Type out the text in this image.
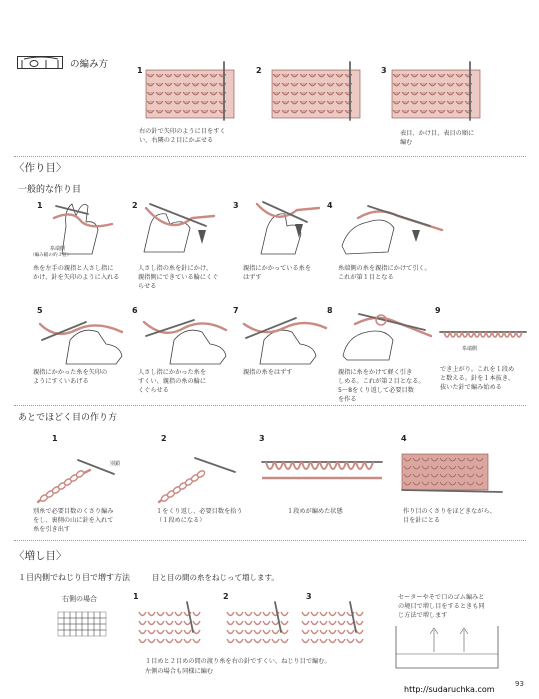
の編み方
1	2	3
右の針で矢印のように目をすく
い、右隣の２目にかぶせる
表目、かけ目、表目の順に
編む
〈作り目〉
一般的な作り目
1	2	3	4
糸端側
（編み幅の約３倍）
糸を左手の親指と人さし指に
かけ、針を矢印のように入れる
人さし指の糸を針にかけ、
親指側にできている輪にくぐ
らせる
親指にかかっている糸を
はずす
糸端側の糸を親指にかけて引く。
これが第１目となる
5	6	7	8	9
糸端側
親指にかかった糸を矢印の
ようにすくいあげる
人さし指にかかった糸を
すくい、親指の糸の輪に
くぐらせる
親指の糸をはずす	親指に糸をかけて軽く引き
しめる。これが第２目となる。
5〜8をくり返して必要目数
を作る
でき上がり。これを１段め
と数える。針を１本抜き、
抜いた針で編み始める
あとでほどく目の作り方
1	2	3	4
別鎖
別糸で必要目数のくさり編み
をし、裏側の山に針を入れて
糸を引き出す
１をくり返し、必要目数を拾う
（１段めになる）
１段めが編めた状態	作り目のくさりをほどきながら、
目を針にとる
〈増し目〉
１目内側でねじり目で増す方法	目と目の間の糸をねじって増します。
右側の場合	1	2	3
１目めと２目めの間の渡り糸を右の針ですくい、ねじり目で編む。
左側の場合も同様に編む
セーターやそで口のゴム編みと
の境目で増し目をするときも同
じ方法で増します
93
http://sudaruchka.com
